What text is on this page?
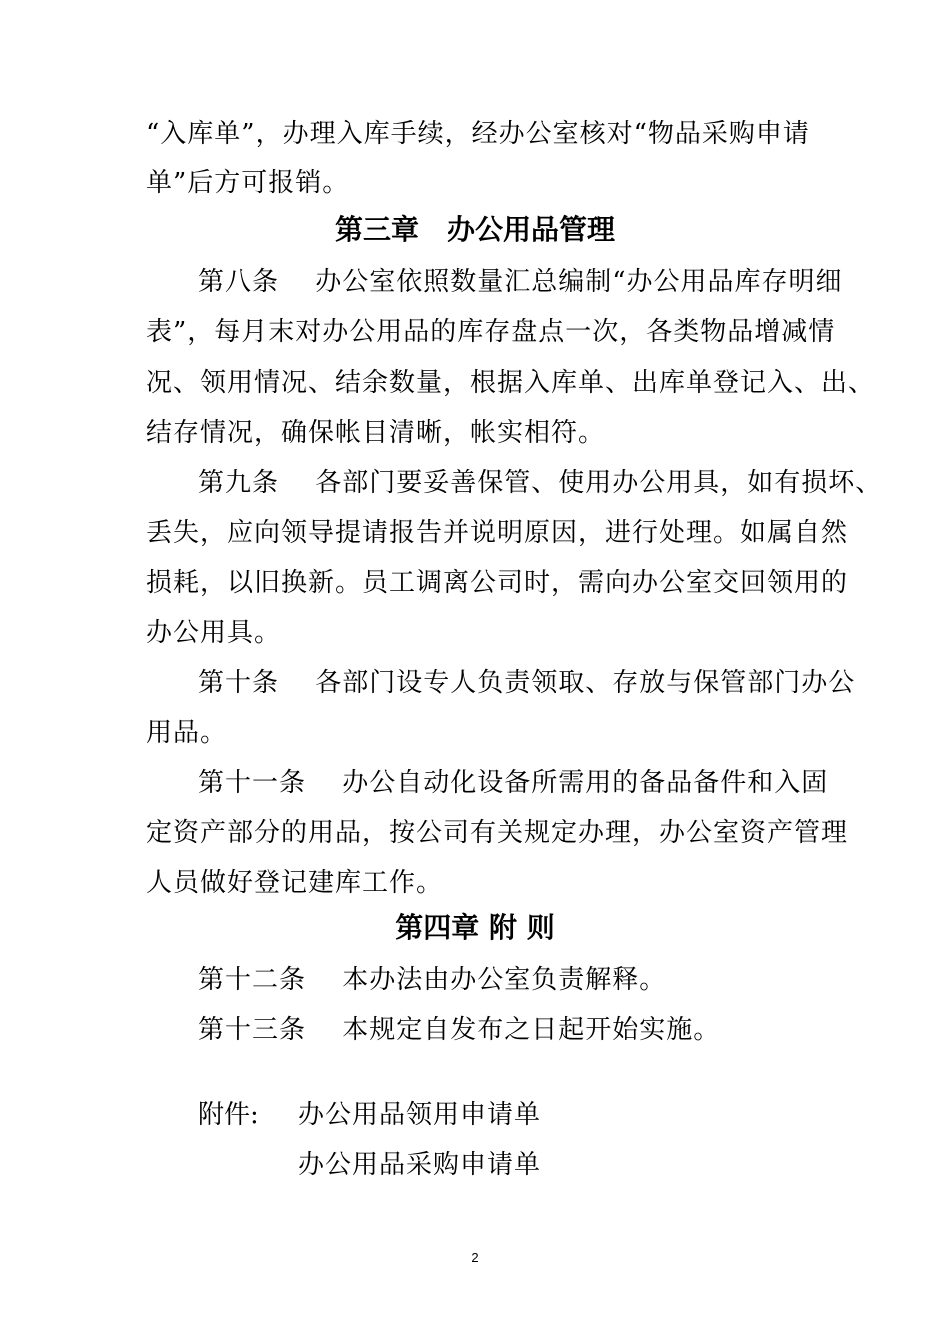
“入库单”，办理入库手续，经办公室核对“物品采购申请
单”后方可报销。
第三章　办公用品管理
第八条　 办公室依照数量汇总编制“办公用品库存明细
表”，每月末对办公用品的库存盘点一次，各类物品增减情
况、领用情况、结余数量，根据入库单、出库单登记入、出、
结存情况，确保帐目清晰，帐实相符。
第九条　 各部门要妥善保管、使用办公用具，如有损坏、
丢失，应向领导提请报告并说明原因，进行处理。如属自然
损耗，以旧换新。员工调离公司时，需向办公室交回领用的
办公用具。
第十条　 各部门设专人负责领取、存放与保管部门办公
用品。
第十一条　 办公自动化设备所需用的备品备件和入固
定资产部分的用品，按公司有关规定办理，办公室资产管理
人员做好登记建库工作。
第四章 附 则
第十二条　 本办法由办公室负责解释。
第十三条　 本规定自发布之日起开始实施。
附件: 办公用品领用申请单
办公用品采购申请单
2
